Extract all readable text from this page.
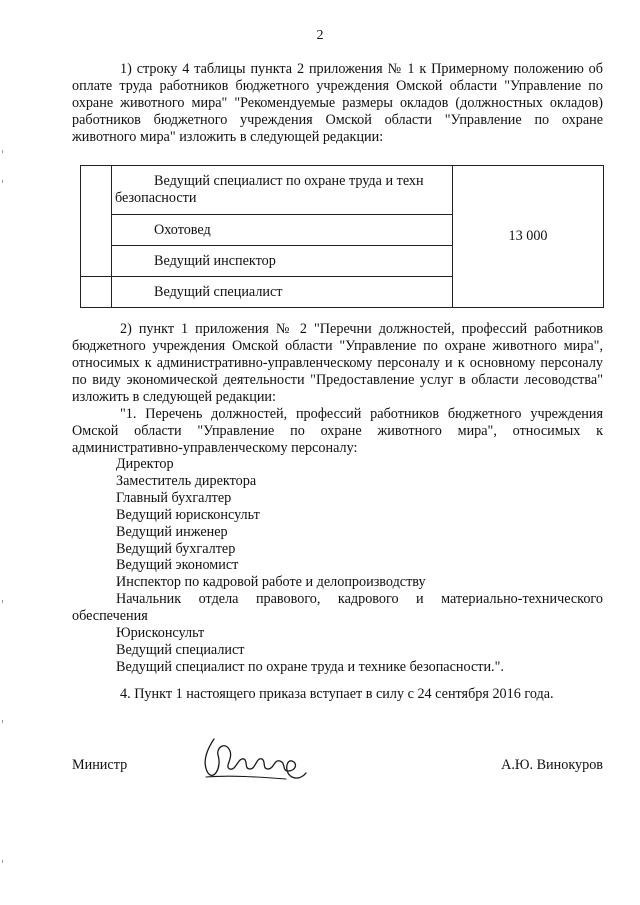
2

1) строку 4 таблицы пункта 2 приложения № 1 к Примерному положению об оплате труда работников бюджетного учреждения Омской области "Управление по охране животного мира" "Рекомендуемые размеры окладов (должностных окладов) работников бюджетного учреждения Омской области "Управление по охране животного мира" изложить в следующей редакции:

	Ведущий специалист по охране труда и техн
безопасности	13 000

	Охотовед	

	Ведущий инспектор	

	Ведущий специалист	

2) пункт 1 приложения № 2 "Перечни должностей, профессий работников бюджетного учреждения Омской области "Управление по охране животного мира", относимых к административно-управленческому персоналу и к основному персоналу по виду экономической деятельности "Предоставление услуг в области лесоводства" изложить в следующей редакции:

"1. Перечень должностей, профессий работников бюджетного учреждения Омской области "Управление по охране животного мира", относимых к административно-управленческому персоналу:

Директор
Заместитель директора
Главный бухгалтер
Ведущий юрисконсульт
Ведущий инженер
Ведущий бухгалтер
Ведущий экономист
Инспектор по кадровой работе и делопроизводству
Начальник отдела правового, кадрового и материально-технического обеспечения
Юрисконсульт
Ведущий специалист
Ведущий специалист по охране труда и технике безопасности.".

4. Пункт 1 настоящего приказа вступает в силу с 24 сентября 2016 года.

Министр	А.Ю. Винокуров
